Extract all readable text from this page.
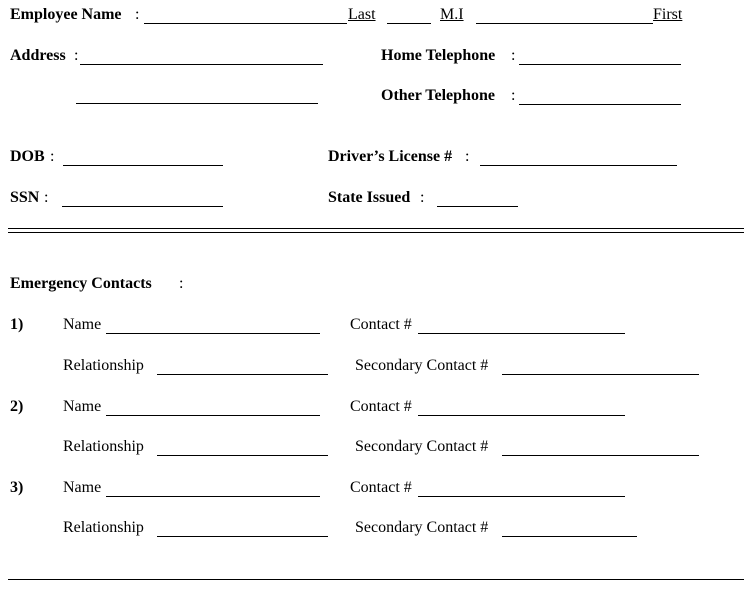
Employee Name :	Last	M.I	First
Address :	Home Telephone :
Other Telephone :
DOB :	Driver’s License # :
SSN :	State Issued :
Emergency Contacts :
1) Name	Contact #
Relationship	Secondary Contact #
2) Name	Contact #
Relationship	Secondary Contact #
3) Name	Contact #
Relationship	Secondary Contact #
